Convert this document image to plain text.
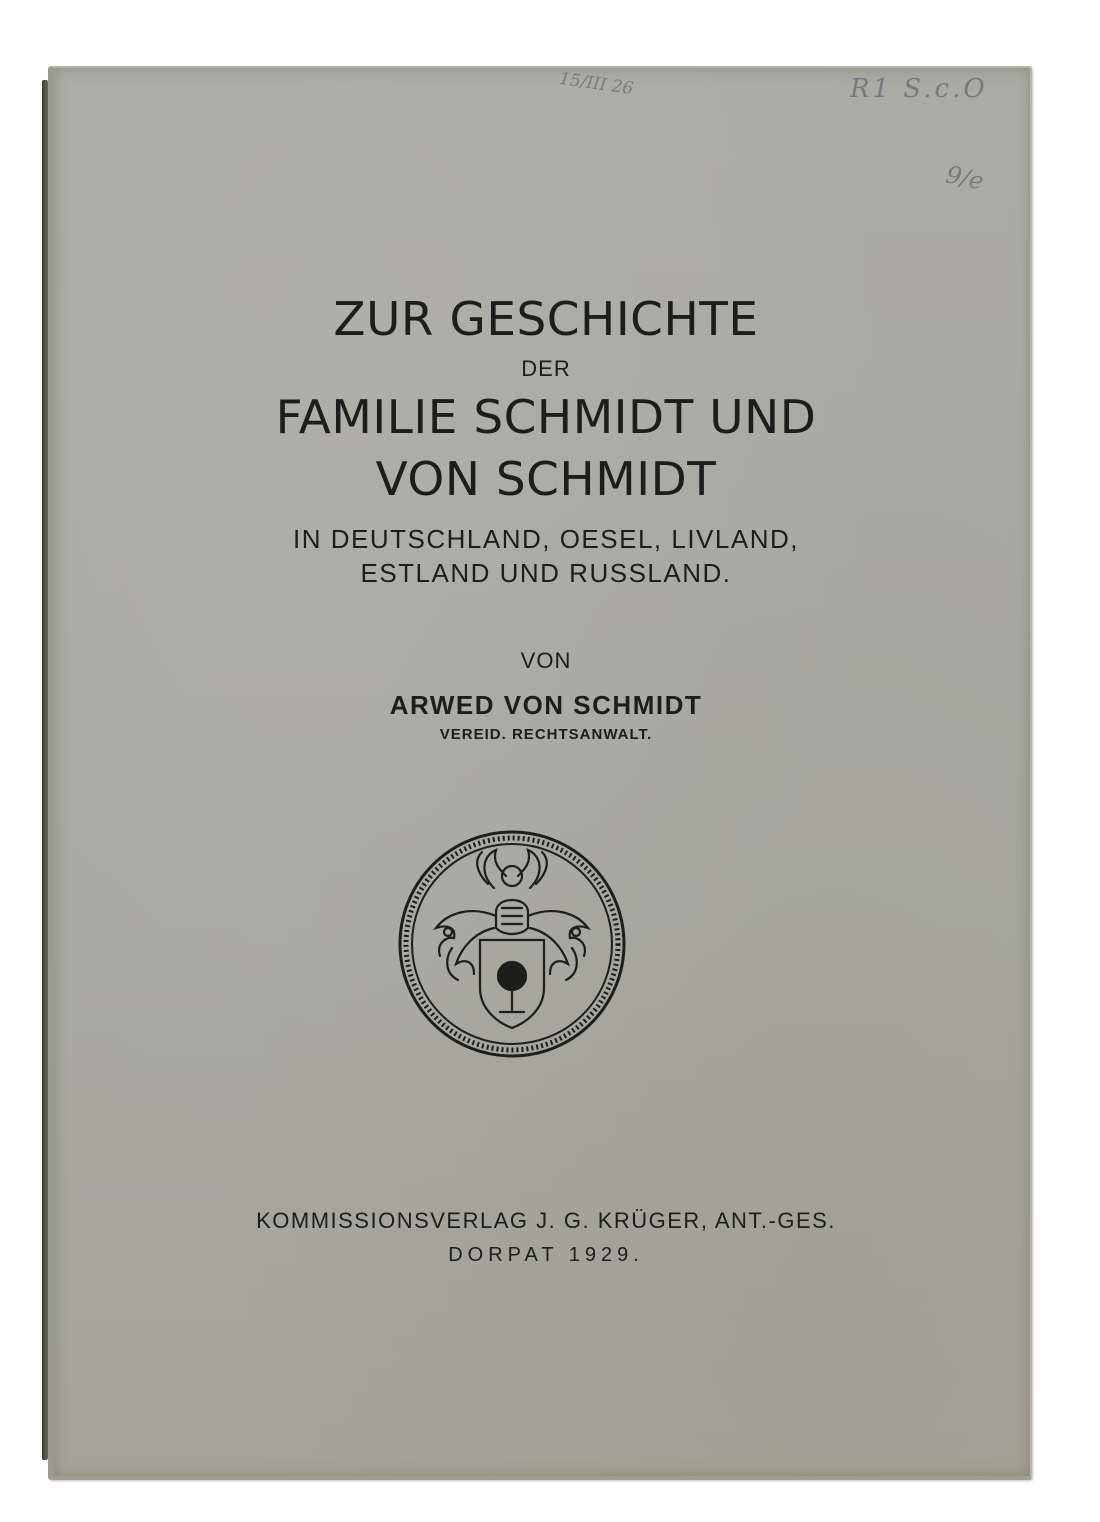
15/III 26	R1 S.c.O
9/e
ZUR GESCHICHTE
DER
FAMILIE SCHMIDT UND
VON SCHMIDT
IN DEUTSCHLAND, OESEL, LIVLAND,
ESTLAND UND RUSSLAND.
VON
ARWED VON SCHMIDT
VEREID. RECHTSANWALT.
KOMMISSIONSVERLAG J. G. KRÜGER, ANT.-GES.
DORPAT 1929.
